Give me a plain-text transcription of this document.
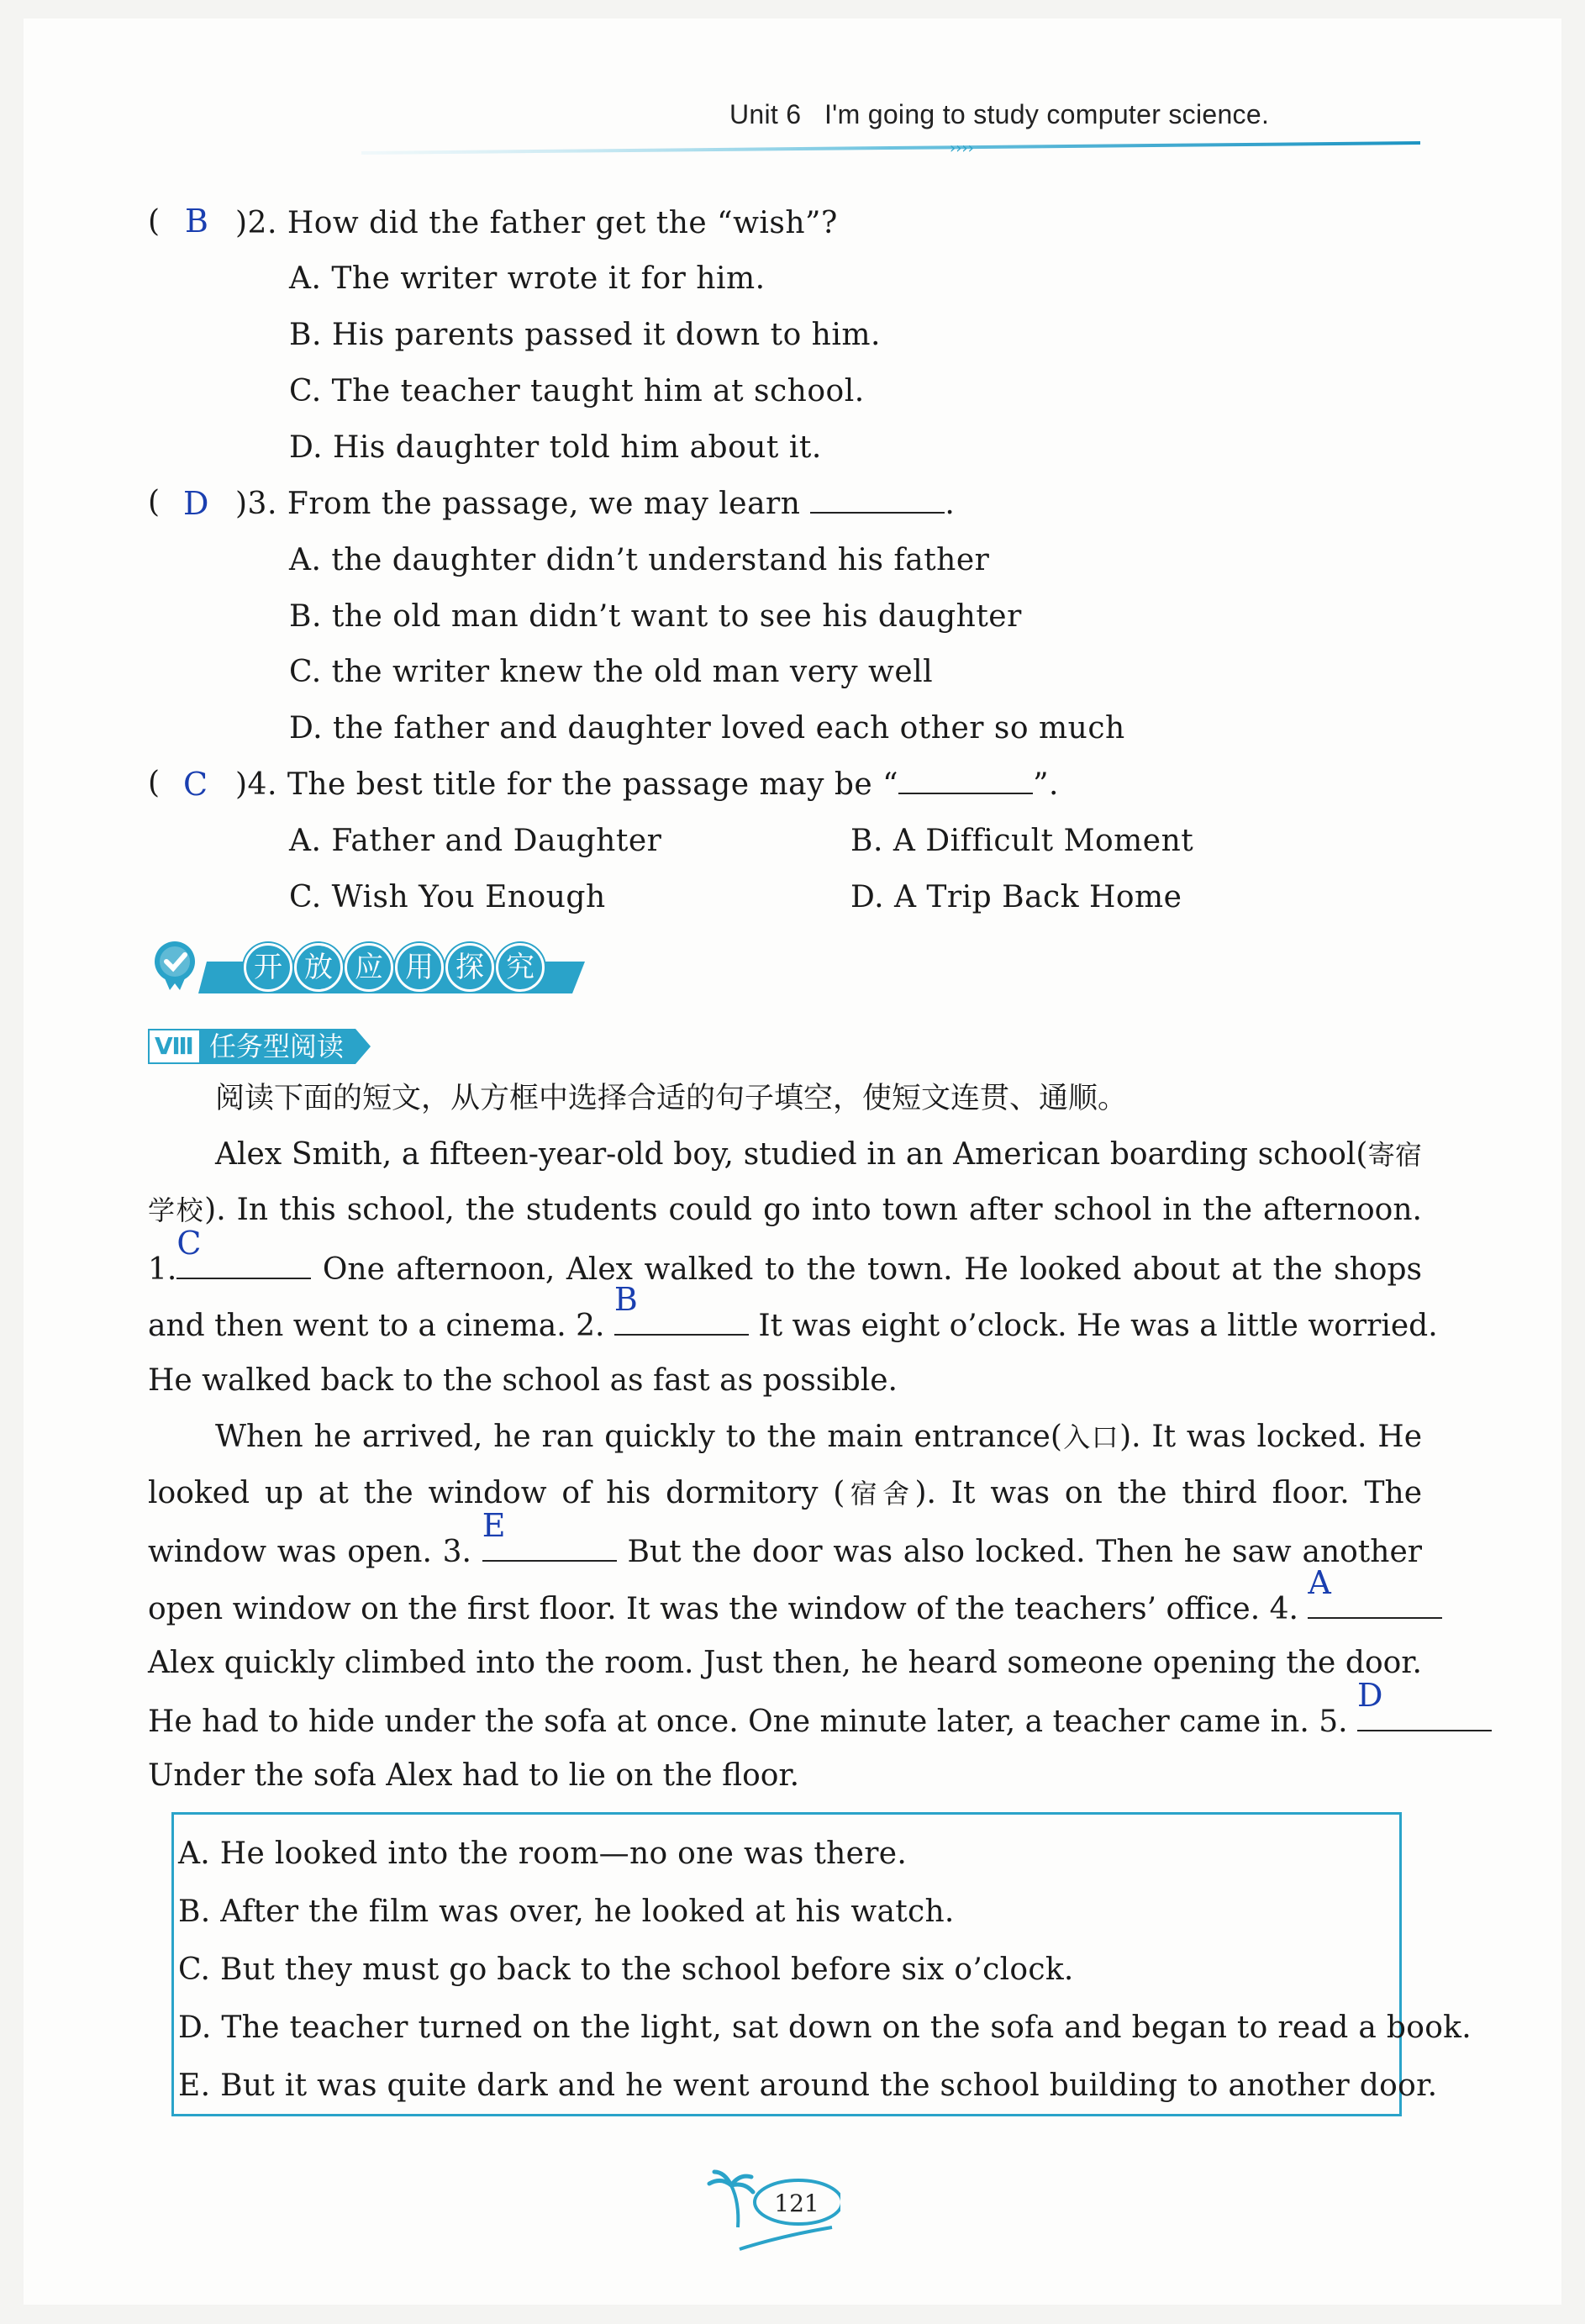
Unit 6 I'm going to study computer science.
››››
( B )2. How did the father get the “wish”?
A. The writer wrote it for him.
B. His parents passed it down to him.
C. The teacher taught him at school.
D. His daughter told him about it.
( D )3. From the passage, we may learn	.
A. the daughter didn’t understand his father
B. the old man didn’t want to see his daughter
C. the writer knew the old man very well
D. the father and daughter loved each other so much
( C )4. The best title for the passage may be “	”.
A. Father and Daughter	B. A Difficult Moment
C. Wish You Enough	D. A Trip Back Home
开 放 应 用 探 究
Ⅷ 任务型阅读
阅读下面的短文，从方框中选择合适的句子填空，使短文连贯、通顺。
Alex Smith, a fifteen-year-old boy, studied in an American boarding school(寄宿
学校). In this school, the students could go into town after school in the afternoon.
1.
C
One afternoon, Alex walked to the town. He looked about at the shops
and then went to a cinema. 2.
B
It was eight o’clock. He was a little worried.
He walked back to the school as fast as possible.
When he arrived, he ran quickly to the main entrance(入口). It was locked. He
looked up at the window of his dormitory (宿舍). It was on the third floor. The
window was open. 3.
E
But the door was also locked. Then he saw another
open window on the first floor. It was the window of the teachers’ office. 4.
A
Alex quickly climbed into the room. Just then, he heard someone opening the door.
He had to hide under the sofa at once. One minute later, a teacher came in. 5.
D
Under the sofa Alex had to lie on the floor.
A. He looked into the room—no one was there.
B. After the film was over, he looked at his watch.
C. But they must go back to the school before six o’clock.
D. The teacher turned on the light, sat down on the sofa and began to read a book.
E. But it was quite dark and he went around the school building to another door.
121
